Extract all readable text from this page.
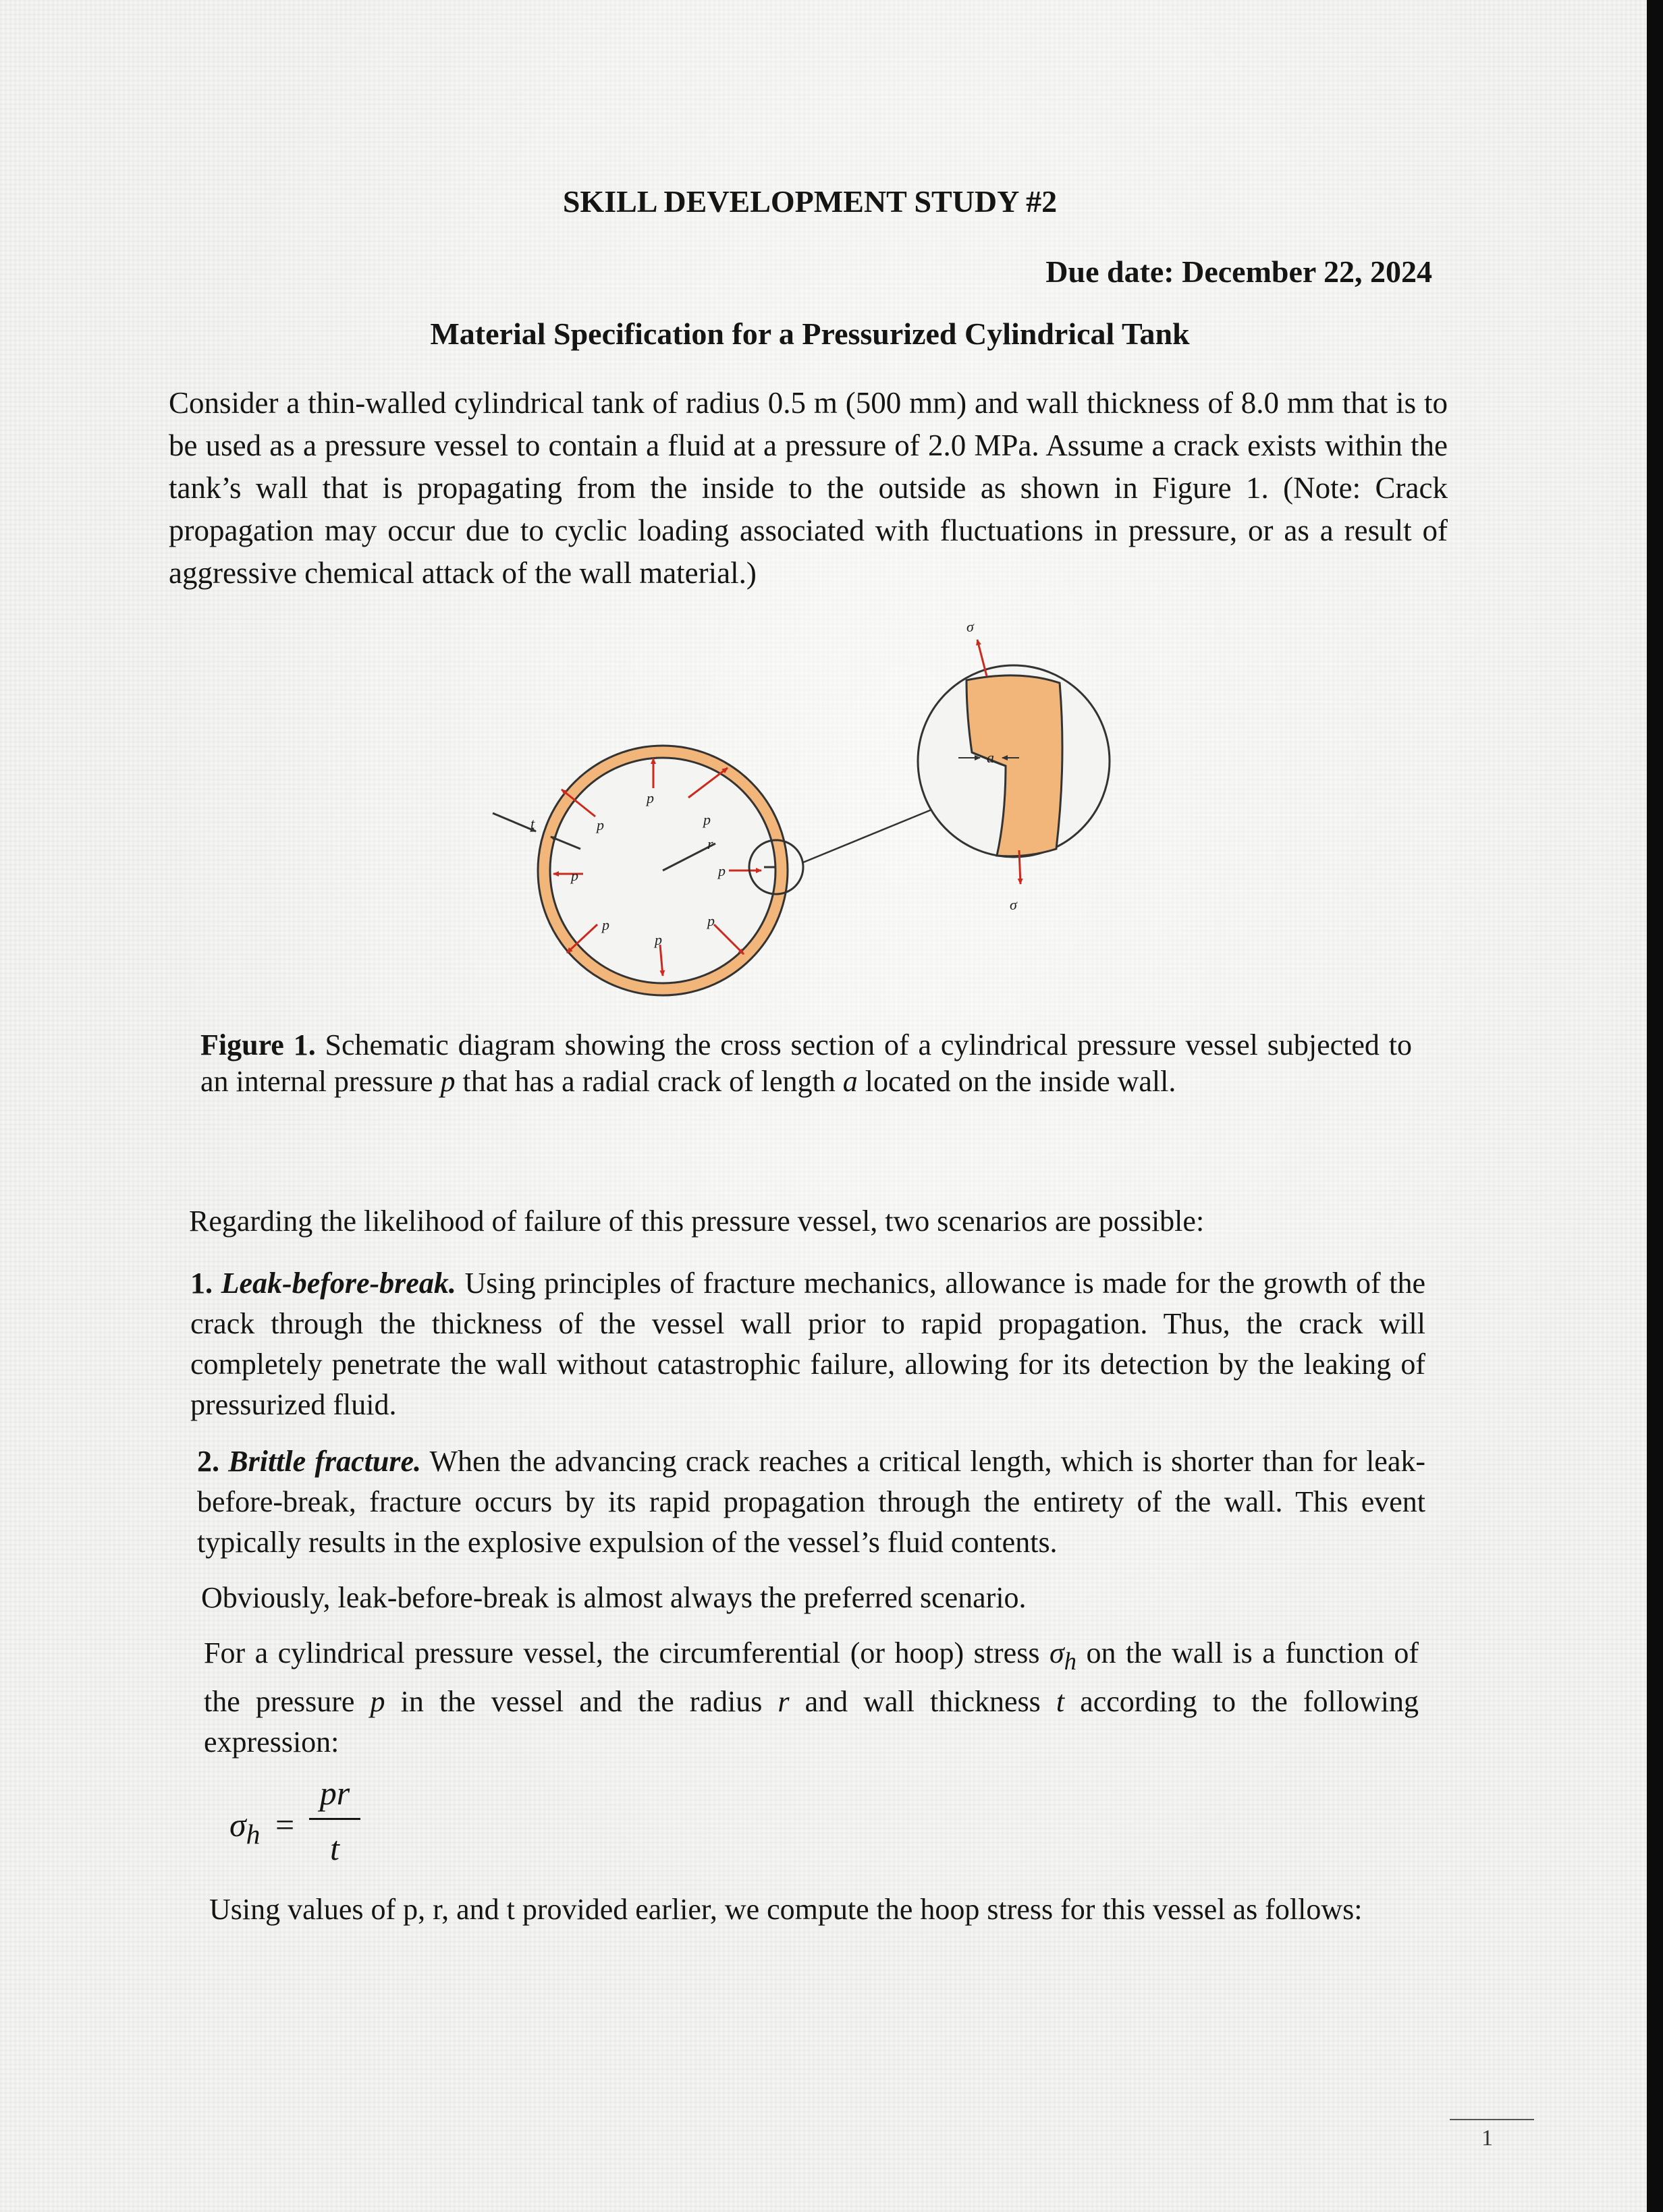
SKILL DEVELOPMENT STUDY #2
Due date: December 22, 2024
Material Specification for a Pressurized Cylindrical Tank
Consider a thin-walled cylindrical tank of radius 0.5 m (500 mm) and wall thickness of 8.0 mm that is to be used as a pressure vessel to contain a fluid at a pressure of 2.0 MPa. Assume a crack exists within the tank’s wall that is propagating from the inside to the outside as shown in Figure 1. (Note: Crack propagation may occur due to cyclic loading associated with fluctuations in pressure, or as a result of aggressive chemical attack of the wall material.)
t
r
p
p	p
p	p
p
p
p
a
σ
σ
Figure 1. Schematic diagram showing the cross section of a cylindrical pressure vessel subjected to an internal pressure p that has a radial crack of length a located on the inside wall.
Regarding the likelihood of failure of this pressure vessel, two scenarios are possible:
1. Leak-before-break. Using principles of fracture mechanics, allowance is made for the growth of the crack through the thickness of the vessel wall prior to rapid propagation. Thus, the crack will completely penetrate the wall without catastrophic failure, allowing for its detection by the leaking of pressurized fluid.
2. Brittle fracture. When the advancing crack reaches a critical length, which is shorter than for leak-before-break, fracture occurs by its rapid propagation through the entirety of the wall. This event typically results in the explosive expulsion of the vessel’s fluid contents.
Obviously, leak-before-break is almost always the preferred scenario.
For a cylindrical pressure vessel, the circumferential (or hoop) stress $\sigma_h$ on the wall is a function of the pressure p in the vessel and the radius r and wall thickness t according to the following expression:
$\sigma_h$ =
pr
t
Using values of p, r, and t provided earlier, we compute the hoop stress for this vessel as follows:
1
